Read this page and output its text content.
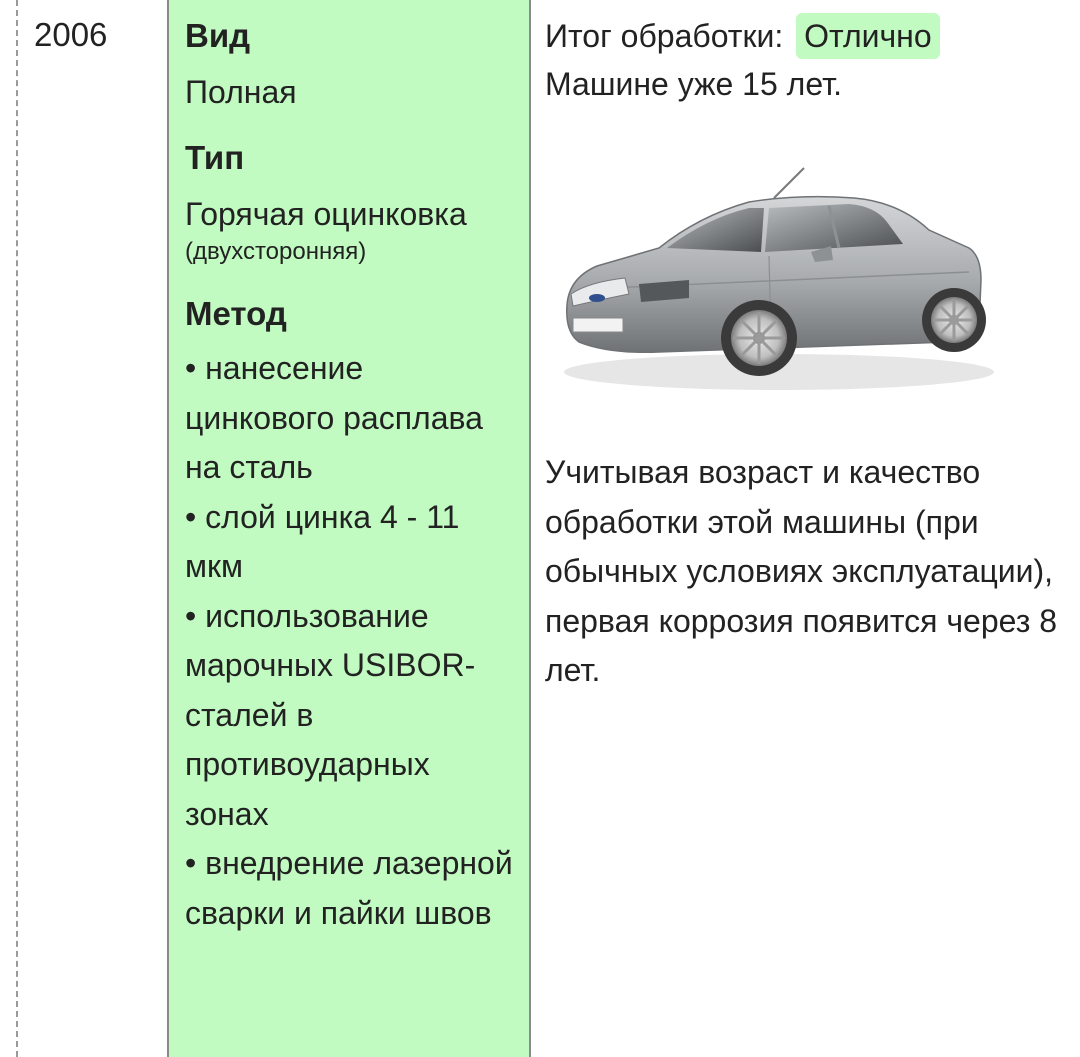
2006 Вид
Полная
Тип
Горячая оцинковка
(двухсторонняя)
Метод
• нанесение цинкового расплава на сталь
• слой цинка 4 - 11 мкм
• использование марочных USIBOR-сталей в противоударных зонах
• внедрение лазерной сварки и пайки швов
Итог обработки: Отлично
Машине уже 15 лет.
Учитывая возраст и качество обработки этой машины (при обычных условиях эксплуатации), первая коррозия появится через 8 лет.
